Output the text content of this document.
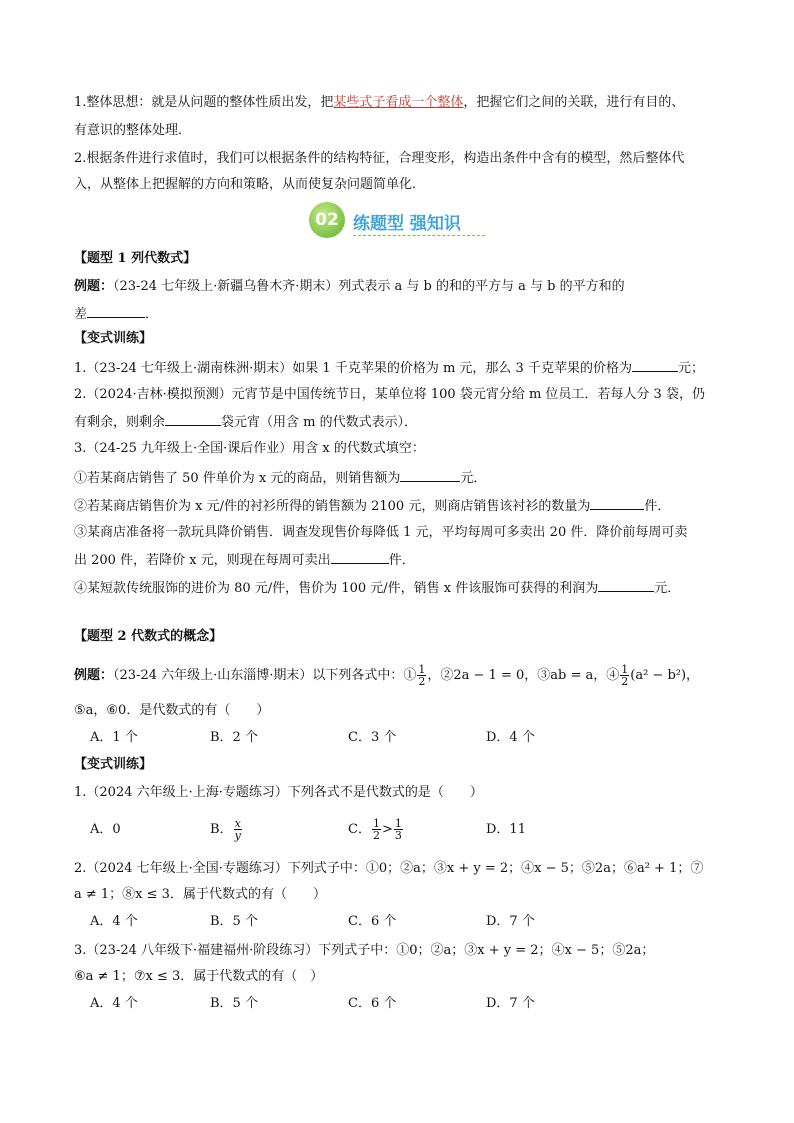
1.整体思想：就是从问题的整体性质出发，把某些式子看成一个整体，把握它们之间的关联，进行有目的、
有意识的整体处理．
2.根据条件进行求值时，我们可以根据条件的结构特征，合理变形，构造出条件中含有的模型，然后整体代
入，从整体上把握解的方向和策略，从而使复杂问题简单化．
02 练题型 强知识
【题型 1 列代数式】
例题：（23-24 七年级上·新疆乌鲁木齐·期末）列式表示 a 与 b 的和的平方与 a 与 b 的平方和的
差	．
【变式训练】
1.（23-24 七年级上·湖南株洲·期末）如果 1 千克苹果的价格为 m 元，那么 3 千克苹果的价格为	元；
2.（2024·吉林·模拟预测）元宵节是中国传统节日，某单位将 100 袋元宵分给 m 位员工．若每人分 3 袋，仍
有剩余，则剩余	袋元宵（用含 m 的代数式表示）．
3.（24-25 九年级上·全国·课后作业）用含 x 的代数式填空：
①若某商店销售了 50 件单价为 x 元的商品，则销售额为	元．
②若某商店销售价为 x 元/件的衬衫所得的销售额为 2100 元，则商店销售该衬衫的数量为	件．
③某商店准备将一款玩具降价销售．调查发现售价每降低 1 元，平均每周可多卖出 20 件．降价前每周可卖
出 200 件，若降价 x 元，则现在每周可卖出	件．
④某短款传统服饰的进价为 80 元/件，售价为 100 元/件，销售 x 件该服饰可获得的利润为	元．
【题型 2 代数式的概念】
例题：（23-24 六年级上·山东淄博·期末）以下列各式中：① $\frac{1}{2}$ ，②2a − 1 = 0，③ab = a，④ $\frac{1}{2} (a^2 - b^2)$，
⑤a，⑥0．是代数式的有（　　）
A．1 个	B．2 个	C．3 个	D．4 个
【变式训练】
1.（2024 六年级上·上海·专题练习）下列各式不是代数式的是（　　）
A．0	B． $\frac{x}{y}$	C． $\frac{1}{2} > \frac{1}{3}$	D．11
2.（2024 七年级上·全国·专题练习）下列式子中：①0；②a；③x + y = 2；④x − 5；⑤2a；⑥a² + 1；⑦
a ≠ 1；⑧x ≤ 3．属于代数式的有（　　）
A．4 个	B．5 个	C．6 个	D．7 个
3.（23-24 八年级下·福建福州·阶段练习）下列式子中：①0；②a；③x + y = 2；④x − 5；⑤2a；
⑥a ≠ 1；⑦x ≤ 3．属于代数式的有（　）
A．4 个	B．5 个	C．6 个	D．7 个
